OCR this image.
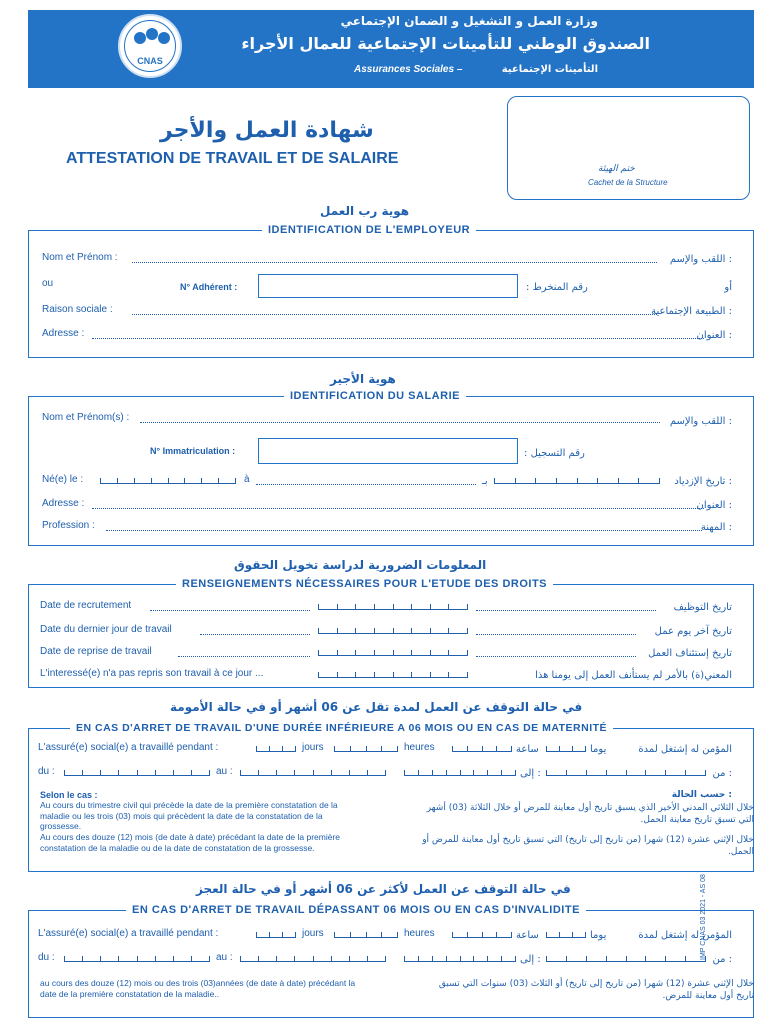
CNAS
وزارة العمل و التشغيل و الضمان الإجتماعي
الصندوق الوطني للتأمينات الإجتماعية للعمال الأجراء
التأمينات الإجتماعية
Assurances Sociales –
شهادة العمل والأجر
ATTESTATION DE TRAVAIL ET DE SALAIRE
ختم الهيئة
Cachet de la Structure
هوية رب العمل
IDENTIFICATION DE L'EMPLOYEUR
Nom et Prénom :	اللقب والإسم :
ou	N° Adhérent :	: رقم المنخرط	أو
Raison sociale :	الطبيعة الإجتماعية :
Adresse :	العنوان :
هوية الأجير
IDENTIFICATION DU SALARIE
Nom et Prénom(s) :	اللقب والإسم :
N° Immatriculation :	: رقم التسجيل
Né(e) le :	à	بـ	تاريخ الإزدياد :
Adresse :	العنوان :
Profession :	المهنة :
المعلومات الضرورية لدراسة تخويل الحقوق
RENSEIGNEMENTS NÉCESSAIRES POUR L'ETUDE DES DROITS
Date de recrutement	تاريخ التوظيف
Date du dernier jour de travail	تاريخ آخر يوم عمل
Date de reprise de travail	تاريخ إستئناف العمل
L'interessé(e) n'a pas repris son travail à ce jour ...	المعني(ة) بالأمر لم يستأنف العمل إلى يومنا هذا
في حالة التوقف عن العمل لمدة تقل عن 06 أشهر أو في حالة الأمومة
EN CAS D'ARRET DE TRAVAIL D'UNE DURÉE INFÉRIEURE A 06 MOIS OU EN CAS DE MATERNITÉ
L'assuré(e) social(e) a travaillé pendant :	jours	heures	ساعة	يوما	المؤمن له إشتغل لمدة
du :	au :	إلى :	من :
Selon le cas :	حسب الحالة :
Au cours du trimestre civil qui précède la date de la première constatation de la maladie ou les trois (03) mois qui précèdent la date de la constatation de la grossesse.
Au cours des douze (12) mois (de date à date) précédant la date de la première constatation de la maladie ou de la date de constatation de la grossesse.
خلال الثلاثي المدني الأخير الذي يسبق تاريخ أول معاينة للمرض أو خلال الثلاثة (03) أشهر التي تسبق تاريخ معاينة الحمل.
خلال الإثني عشرة (12) شهرا (من تاريخ إلى تاريخ) التي تسبق تاريخ أول معاينة للمرض أو الحمل.
في حالة التوقف عن العمل لأكثر عن 06 أشهر أو في حالة العجز
EN CAS D'ARRET DE TRAVAIL DÉPASSANT 06 MOIS OU EN CAS D'INVALIDITE
L'assuré(e) social(e) a travaillé pendant :	jours	heures	ساعة	يوما	المؤمن له إشتغل لمدة
du :	au :	إلى :	من :
au cours des douze (12) mois ou des trois (03)années (de date à date) précédant la date de la première constatation de la maladie..
خلال الإثني عشرة (12) شهرا (من تاريخ إلى تاريخ) أو الثلاث (03) سنوات التي تسبق تاريخ أول معاينة للمرض.
IMP CNAS 03 2021 - AS 08
